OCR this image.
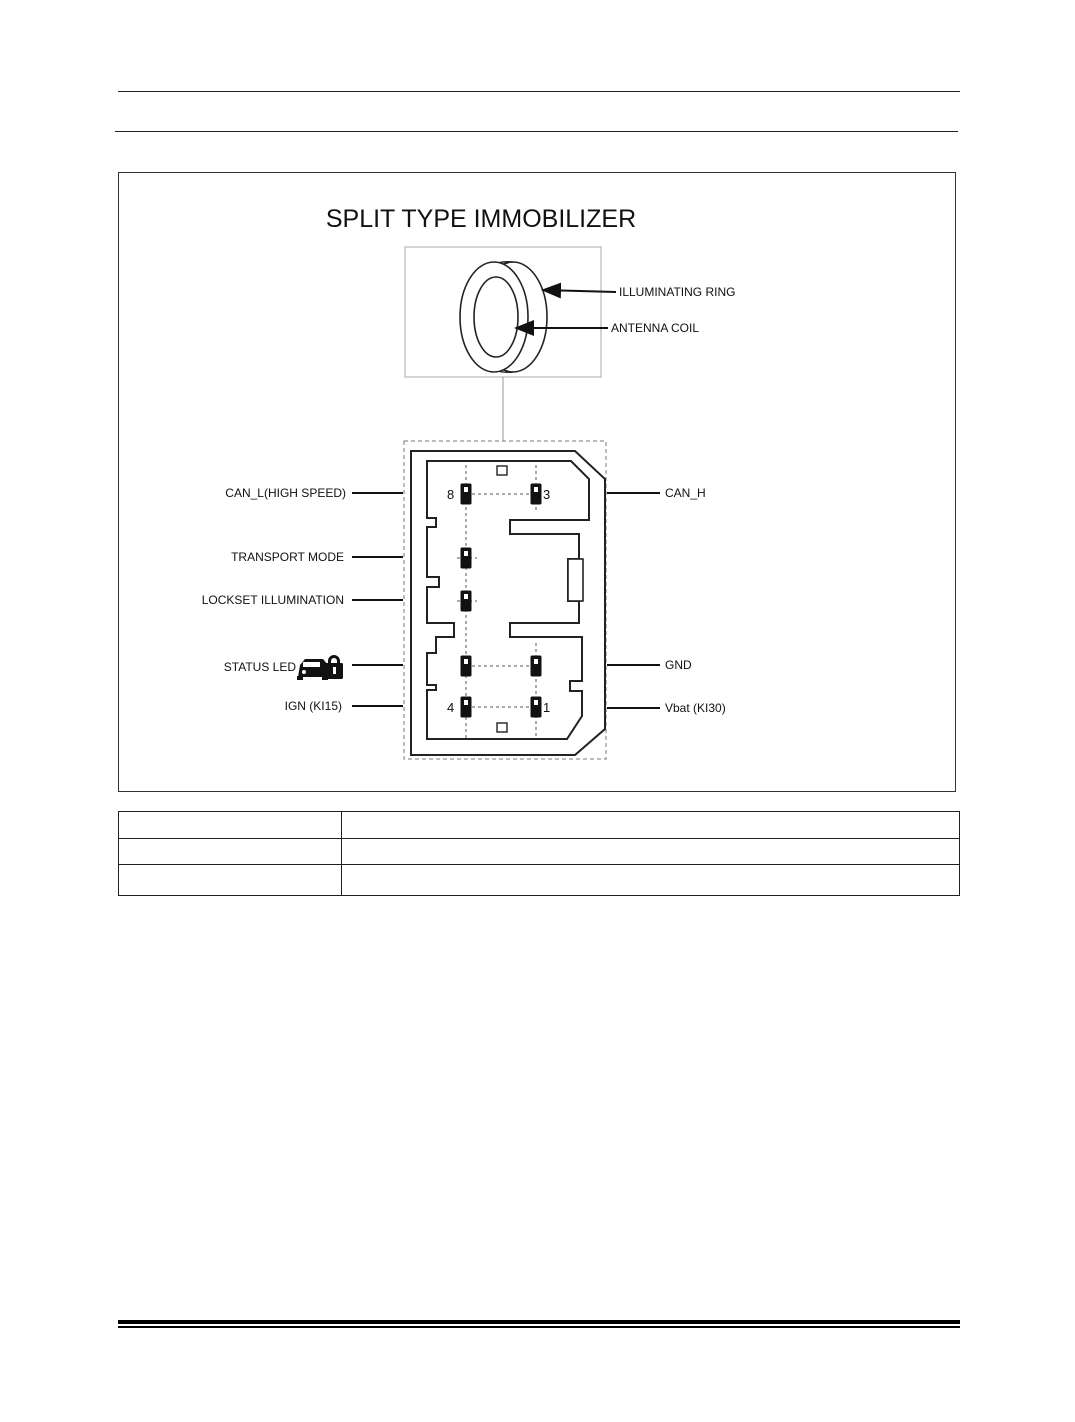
SPLIT TYPE IMMOBILIZER
ILLUMINATING RING
ANTENNA COIL
8	3
4	1
CAN_L(HIGH SPEED)
TRANSPORT MODE
LOCKSET ILLUMINATION
STATUS LED
IGN (KI15)
CAN_H
GND
Vbat (KI30)
